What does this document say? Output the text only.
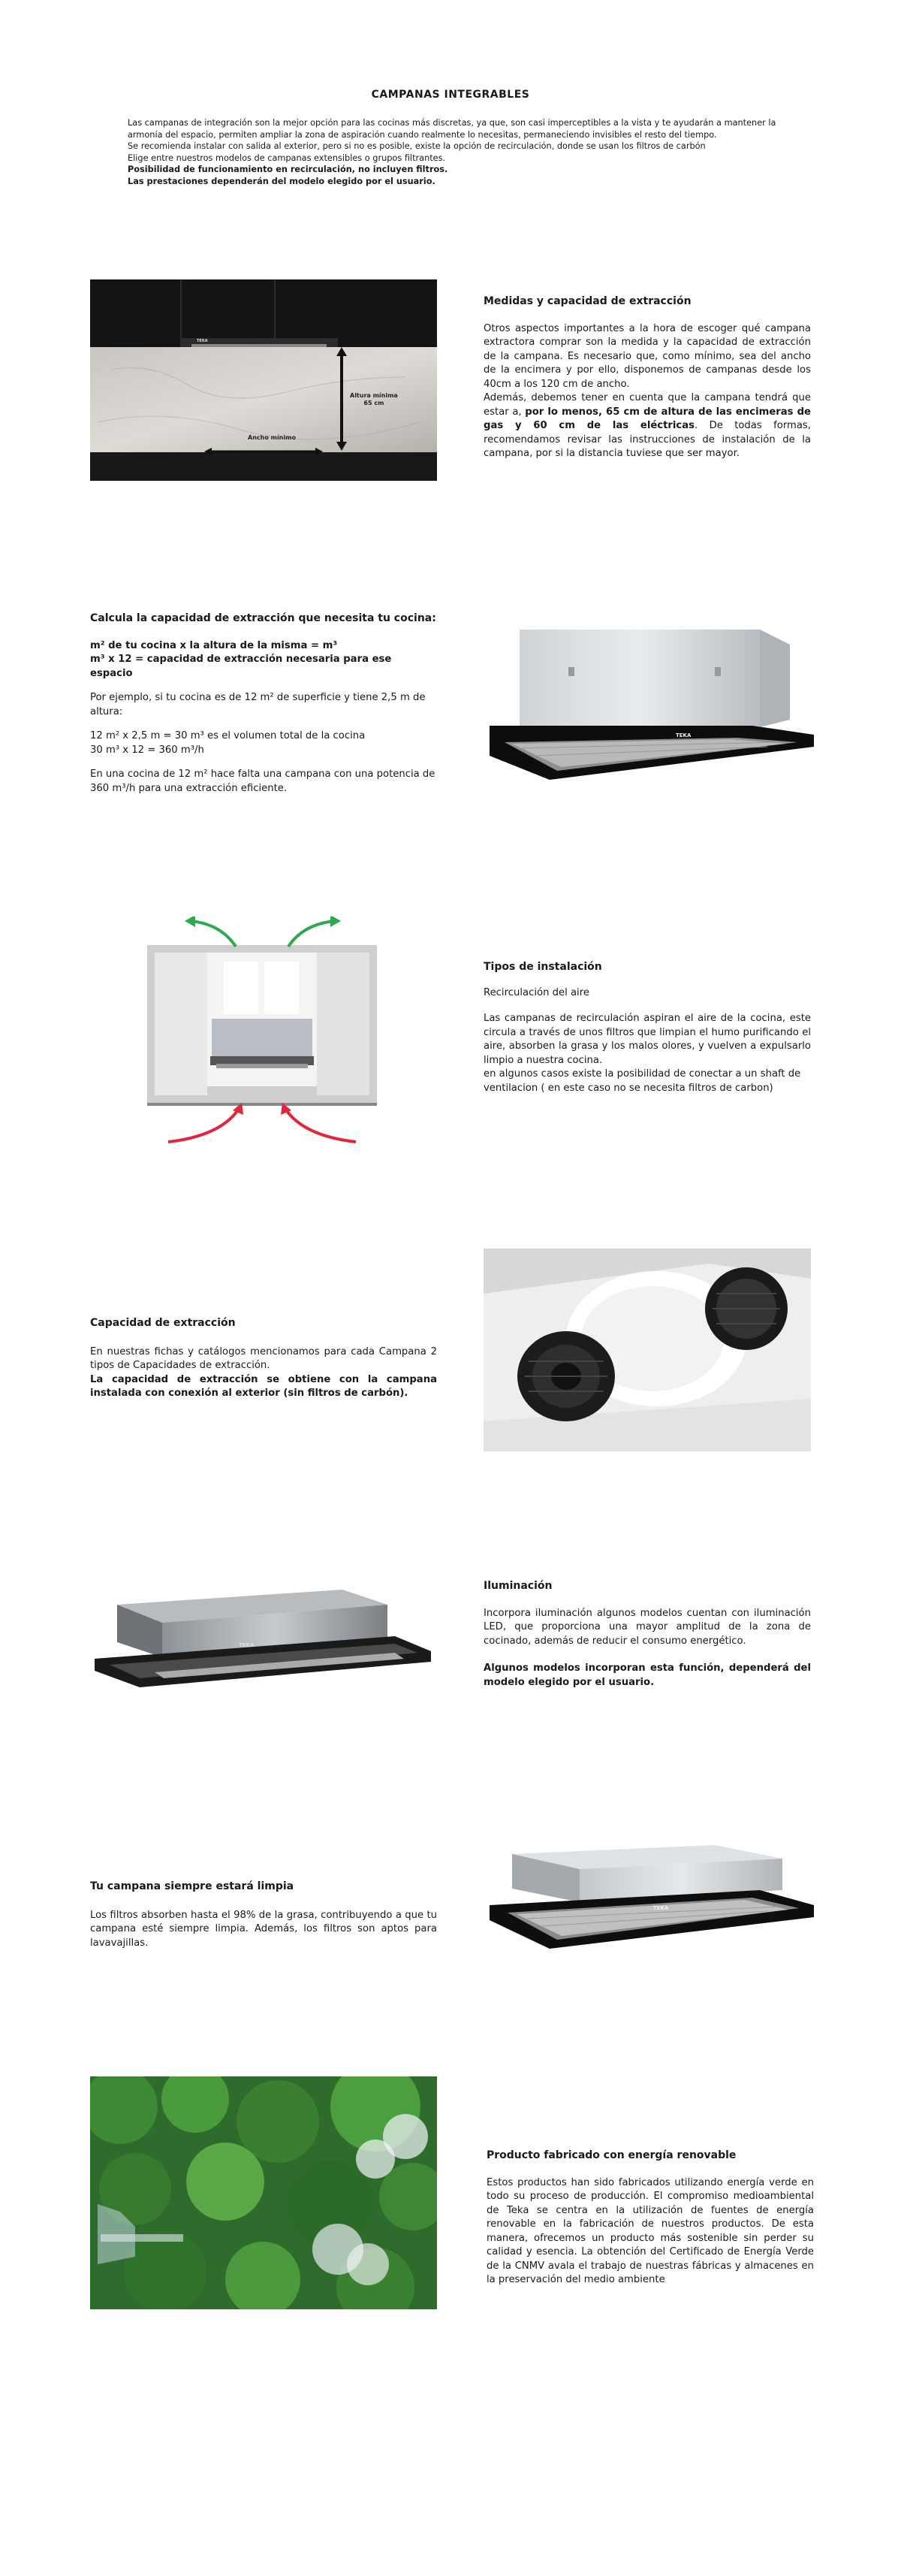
CAMPANAS INTEGRABLES

Las campanas de integración son la mejor opción para las cocinas más discretas, ya que, son casi imperceptibles a la vista y te ayudarán a mantener la

armonía del espacio, permiten ampliar la zona de aspiración cuando realmente lo necesitas, permaneciendo invisibles el resto del tiempo.

Se recomienda instalar con salida al exterior, pero si no es posible, existe la opción de recirculación, donde se usan los filtros de carbón

Elige entre nuestros modelos de campanas extensibles o grupos filtrantes.

Posibilidad de funcionamiento en recirculación, no incluyen filtros.

Las prestaciones dependerán del modelo elegido por el usuario.

Ancho mínimo
Altura mínima
65 cm
TEKA

Medidas y capacidad de extracción

Otros aspectos importantes a la hora de escoger qué campana extractora comprar son la medida y la capacidad de extracción de la campana. Es necesario que, como mínimo, sea del ancho de la encimera y por ello, disponemos de campanas desde los 40cm a los 120 cm de ancho.

Además, debemos tener en cuenta que la campana tendrá que estar a, por lo menos, 65 cm de altura de las encimeras de gas y 60 cm de las eléctricas. De todas formas, recomendamos revisar las instrucciones de instalación de la campana, por si la distancia tuviese que ser mayor.

Calcula la capacidad de extracción que necesita tu cocina:

m² de tu cocina x la altura de la misma = m³

m³ x 12 = capacidad de extracción necesaria para ese espacio

Por ejemplo, si tu cocina es de 12 m² de superficie y tiene 2,5 m de altura:

12 m² x 2,5 m = 30 m³ es el volumen total de la cocina

30 m³ x 12 = 360 m³/h

En una cocina de 12 m² hace falta una campana con una potencia de 360 m³/h para una extracción eficiente.

TEKA

Tipos de instalación

Recirculación del aire

Las campanas de recirculación aspiran el aire de la cocina, este circula a través de unos filtros que limpian el humo purificando el aire, absorben la grasa y los malos olores, y vuelven a expulsarlo limpio a nuestra cocina.

en algunos casos existe la posibilidad de conectar a un shaft de ventilacion ( en este caso no se necesita filtros de carbon)

Capacidad de extracción

En nuestras fichas y catálogos mencionamos para cada Campana 2 tipos de Capacidades de extracción.

La capacidad de extracción se obtiene con la campana instalada con conexión al exterior (sin filtros de carbón).

TEKA

Iluminación

Incorpora iluminación algunos modelos cuentan con iluminación LED, que proporciona una mayor amplitud de la zona de cocinado, además de reducir el consumo energético.

Algunos modelos incorporan esta función, dependerá del modelo elegido por el usuario.

Tu campana siempre estará limpia

Los filtros absorben hasta el 98% de la grasa, contribuyendo a que tu campana esté siempre limpia. Además, los filtros son aptos para lavavajillas.

TEKA

Producto fabricado con energía renovable

Estos productos han sido fabricados utilizando energía verde en todo su proceso de producción. El compromiso medioambiental de Teka se centra en la utilización de fuentes de energía renovable en la fabricación de nuestros productos. De esta manera, ofrecemos un producto más sostenible sin perder su calidad y esencia. La obtención del Certificado de Energía Verde de la CNMV avala el trabajo de nuestras fábricas y almacenes en la preservación del medio ambiente
